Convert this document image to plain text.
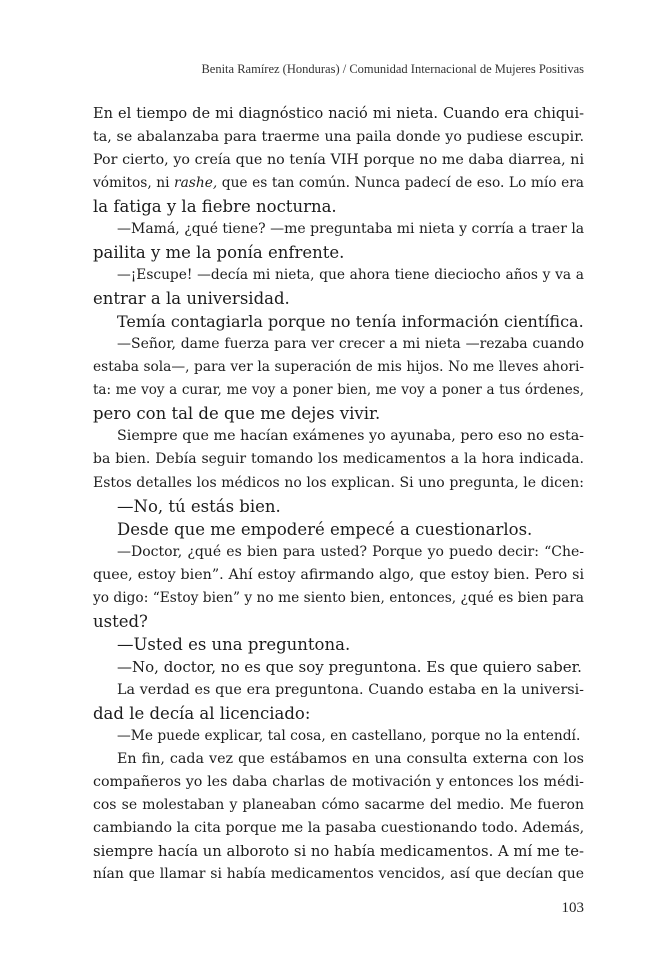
Benita Ramírez (Honduras) / Comunidad Internacional de Mujeres Positivas
En el tiempo de mi diagnóstico nació mi nieta. Cuando era chiqui-
ta, se abalanzaba para traerme una paila donde yo pudiese escupir.
Por cierto, yo creía que no tenía VIH porque no me daba diarrea, ni
vómitos, ni rashe, que es tan común. Nunca padecí de eso. Lo mío era
la fatiga y la fiebre nocturna.
—Mamá, ¿qué tiene? —me preguntaba mi nieta y corría a traer la
pailita y me la ponía enfrente.
—¡Escupe! —decía mi nieta, que ahora tiene dieciocho años y va a
entrar a la universidad.
Temía contagiarla porque no tenía información científica.
—Señor, dame fuerza para ver crecer a mi nieta —rezaba cuando
estaba sola—, para ver la superación de mis hijos. No me lleves ahori-
ta: me voy a curar, me voy a poner bien, me voy a poner a tus órdenes,
pero con tal de que me dejes vivir.
Siempre que me hacían exámenes yo ayunaba, pero eso no esta-
ba bien. Debía seguir tomando los medicamentos a la hora indicada.
Estos detalles los médicos no los explican. Si uno pregunta, le dicen:
—No, tú estás bien.
Desde que me empoderé empecé a cuestionarlos.
—Doctor, ¿qué es bien para usted? Porque yo puedo decir: “Che-
quee, estoy bien”. Ahí estoy afirmando algo, que estoy bien. Pero si
yo digo: “Estoy bien” y no me siento bien, entonces, ¿qué es bien para
usted?
—Usted es una preguntona.
—No, doctor, no es que soy preguntona. Es que quiero saber.
La verdad es que era preguntona. Cuando estaba en la universi-
dad le decía al licenciado:
—Me puede explicar, tal cosa, en castellano, porque no la entendí.
En fin, cada vez que estábamos en una consulta externa con los
compañeros yo les daba charlas de motivación y entonces los médi-
cos se molestaban y planeaban cómo sacarme del medio. Me fueron
cambiando la cita porque me la pasaba cuestionando todo. Además,
siempre hacía un alboroto si no había medicamentos. A mí me te-
nían que llamar si había medicamentos vencidos, así que decían que
103
